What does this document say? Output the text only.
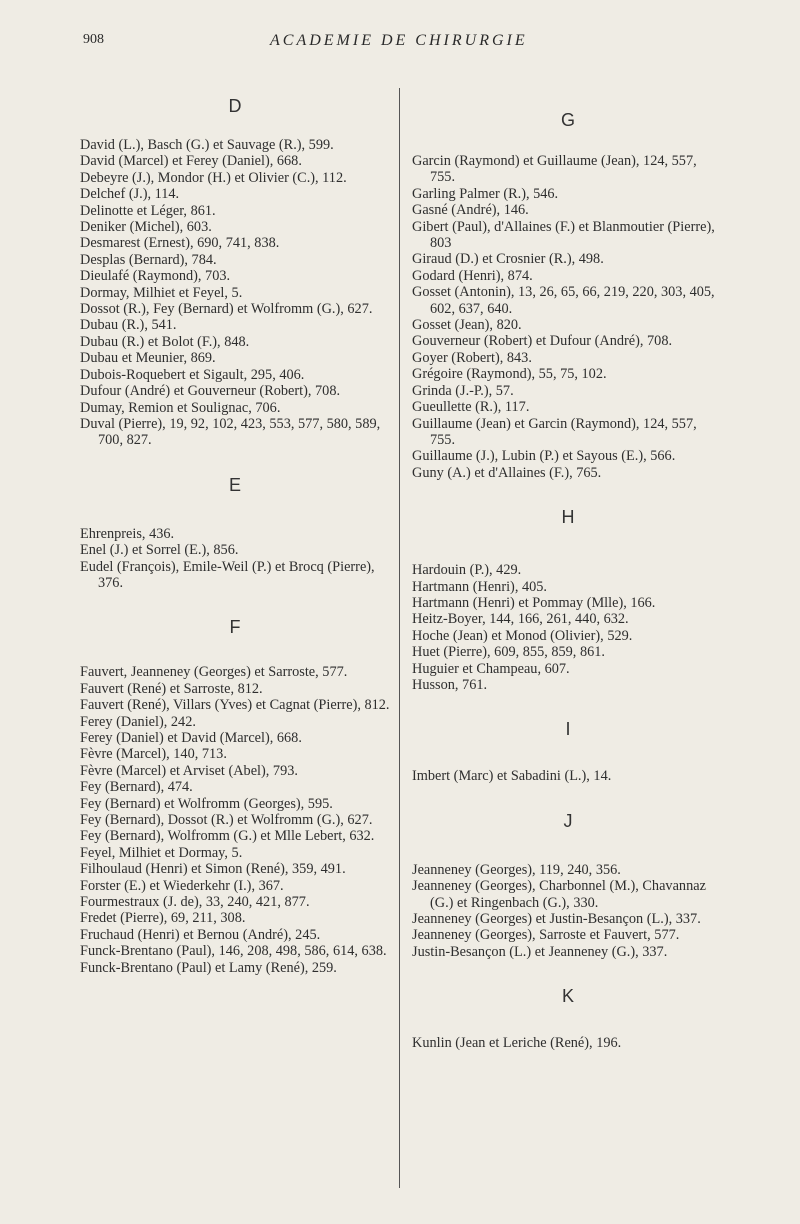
908	ACADEMIE DE CHIRURGIE
D

David (L.), Basch (G.) et Sauvage (R.), 599.

David (Marcel) et Ferey (Daniel), 668.

Debeyre (J.), Mondor (H.) et Olivier (C.), 112.

Delchef (J.), 114.

Delinotte et Léger, 861.

Deniker (Michel), 603.

Desmarest (Ernest), 690, 741, 838.

Desplas (Bernard), 784.

Dieulafé (Raymond), 703.

Dormay, Milhiet et Feyel, 5.

Dossot (R.), Fey (Bernard) et Wolfromm (G.), 627.

Dubau (R.), 541.

Dubau (R.) et Bolot (F.), 848.

Dubau et Meunier, 869.

Dubois-Roquebert et Sigault, 295, 406.

Dufour (André) et Gouverneur (Robert), 708.

Dumay, Remion et Soulignac, 706.

Duval (Pierre), 19, 92, 102, 423, 553, 577, 580, 589, 700, 827.

E

Ehrenpreis, 436.

Enel (J.) et Sorrel (E.), 856.

Eudel (François), Emile-Weil (P.) et Brocq (Pierre), 376.

F

Fauvert, Jeanneney (Georges) et Sarroste, 577.

Fauvert (René) et Sarroste, 812.

Fauvert (René), Villars (Yves) et Cagnat (Pierre), 812.

Ferey (Daniel), 242.

Ferey (Daniel) et David (Marcel), 668.

Fèvre (Marcel), 140, 713.

Fèvre (Marcel) et Arviset (Abel), 793.

Fey (Bernard), 474.

Fey (Bernard) et Wolfromm (Georges), 595.

Fey (Bernard), Dossot (R.) et Wolfromm (G.), 627.

Fey (Bernard), Wolfromm (G.) et Mlle Lebert, 632.

Feyel, Milhiet et Dormay, 5.

Filhoulaud (Henri) et Simon (René), 359, 491.

Forster (E.) et Wiederkehr (I.), 367.

Fourmestraux (J. de), 33, 240, 421, 877.

Fredet (Pierre), 69, 211, 308.

Fruchaud (Henri) et Bernou (André), 245.

Funck-Brentano (Paul), 146, 208, 498, 586, 614, 638.

Funck-Brentano (Paul) et Lamy (René), 259.

G

Garcin (Raymond) et Guillaume (Jean), 124, 557, 755.

Garling Palmer (R.), 546.

Gasné (André), 146.

Gibert (Paul), d'Allaines (F.) et Blanmoutier (Pierre), 803

Giraud (D.) et Crosnier (R.), 498.

Godard (Henri), 874.

Gosset (Antonin), 13, 26, 65, 66, 219, 220, 303, 405, 602, 637, 640.

Gosset (Jean), 820.

Gouverneur (Robert) et Dufour (André), 708.

Goyer (Robert), 843.

Grégoire (Raymond), 55, 75, 102.

Grinda (J.-P.), 57.

Gueullette (R.), 117.

Guillaume (Jean) et Garcin (Raymond), 124, 557, 755.

Guillaume (J.), Lubin (P.) et Sayous (E.), 566.

Guny (A.) et d'Allaines (F.), 765.

H

Hardouin (P.), 429.

Hartmann (Henri), 405.

Hartmann (Henri) et Pommay (Mlle), 166.

Heitz-Boyer, 144, 166, 261, 440, 632.

Hoche (Jean) et Monod (Olivier), 529.

Huet (Pierre), 609, 855, 859, 861.

Huguier et Champeau, 607.

Husson, 761.

I

Imbert (Marc) et Sabadini (L.), 14.

J

Jeanneney (Georges), 119, 240, 356.

Jeanneney (Georges), Charbonnel (M.), Chavannaz (G.) et Ringenbach (G.), 330.

Jeanneney (Georges) et Justin-Besançon (L.), 337.

Jeanneney (Georges), Sarroste et Fauvert, 577.

Justin-Besançon (L.) et Jeanneney (G.), 337.

K

Kunlin (Jean et Leriche (René), 196.
